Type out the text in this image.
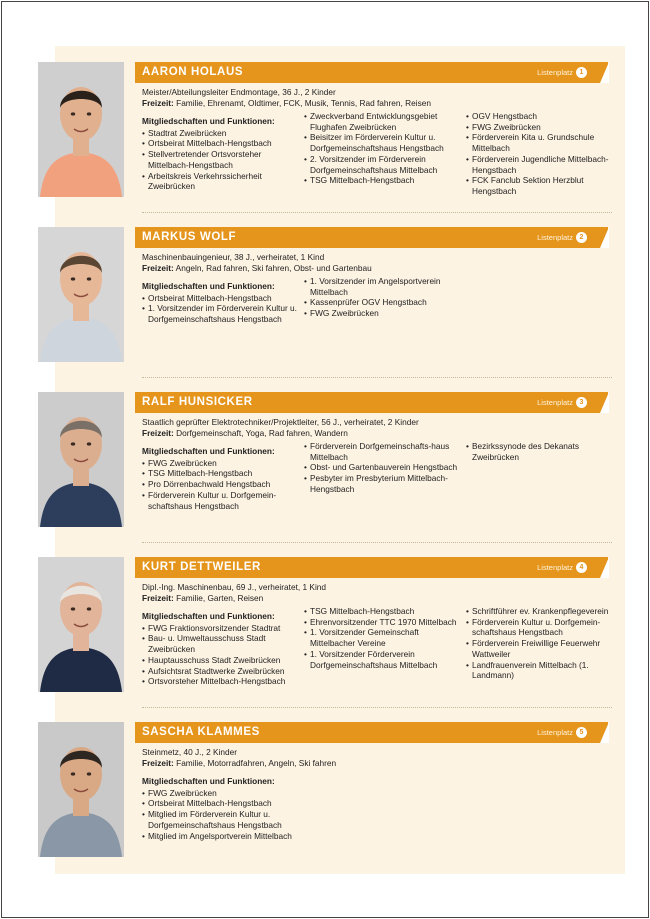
AARON HOLAUS	Listenplatz 1
Meister/Abteilungsleiter Endmontage, 36 J., 2 Kinder
Freizeit: Familie, Ehrenamt, Oldtimer, FCK, Musik, Tennis, Rad fahren, Reisen
Mitgliedschaften und Funktionen:
• Stadtrat Zweibrücken
• Ortsbeirat Mittelbach-Hengstbach
• Stellvertretender Ortsvorsteher Mittelbach-Hengstbach
• Arbeitskreis Verkehrssicherheit Zweibrücken
• Zweckverband Entwicklungsgebiet Flughafen Zweibrücken
• Beisitzer im Förderverein Kultur u. Dorfgemeinschaftshaus Hengstbach
• 2. Vorsitzender im Förderverein Dorfgemeinschaftshaus Mittelbach
• TSG Mittelbach-Hengstbach
• OGV Hengstbach
• FWG Zweibrücken
• Förderverein Kita u. Grundschule Mittelbach
• Förderverein Jugendliche Mittelbach-Hengstbach
• FCK Fanclub Sektion Herzblut Hengstbach
MARKUS WOLF	Listenplatz 2
Maschinenbauingenieur, 38 J., verheiratet, 1 Kind
Freizeit: Angeln, Rad fahren, Ski fahren, Obst- und Gartenbau
Mitgliedschaften und Funktionen:
• Ortsbeirat Mittelbach-Hengstbach
• 1. Vorsitzender im Förderverein Kultur u. Dorfgemeinschaftshaus Hengstbach
• 1. Vorsitzender im Angelsportverein Mittelbach
• Kassenprüfer OGV Hengstbach
• FWG Zweibrücken
RALF HUNSICKER	Listenplatz 3
Staatlich geprüfter Elektrotechniker/Projektleiter, 56 J., verheiratet, 2 Kinder
Freizeit: Dorfgemeinschaft, Yoga, Rad fahren, Wandern
Mitgliedschaften und Funktionen:
• FWG Zweibrücken
• TSG Mittelbach-Hengstbach
• Pro Dörrenbachwald Hengstbach
• Förderverein Kultur u. Dorfgemein-schaftshaus Hengstbach
• Förderverein Dorfgemeinschafts-haus Mittelbach
• Obst- und Gartenbauverein Hengstbach
• Pesbyter im Presbyterium Mittelbach-Hengstbach
• Bezirkssynode des Dekanats Zweibrücken
KURT DETTWEILER	Listenplatz 4
Dipl.-Ing. Maschinenbau, 69 J., verheiratet, 1 Kind
Freizeit: Familie, Garten, Reisen
Mitgliedschaften und Funktionen:
• FWG Fraktionsvorsitzender Stadtrat
• Bau- u. Umweltausschuss Stadt Zweibrücken
• Hauptausschuss Stadt Zweibrücken
• Aufsichtsrat Stadtwerke Zweibrücken
• Ortsvorsteher Mittelbach-Hengstbach
• TSG Mittelbach-Hengstbach
• Ehrenvorsitzender TTC 1970 Mittelbach
• 1. Vorsitzender Gemeinschaft Mittelbacher Vereine
• 1. Vorsitzender Förderverein Dorfgemeinschaftshaus Mittelbach
• Schriftführer ev. Krankenpflegeverein
• Förderverein Kultur u. Dorfgemein-schaftshaus Hengstbach
• Förderverein Freiwillige Feuerwehr Wattweiler
• Landfrauenverein Mittelbach (1. Landmann)
SASCHA KLAMMES	Listenplatz 5
Steinmetz, 40 J., 2 Kinder
Freizeit: Familie, Motorradfahren, Angeln, Ski fahren
Mitgliedschaften und Funktionen:
• FWG Zweibrücken
• Ortsbeirat Mittelbach-Hengstbach
• Mitglied im Förderverein Kultur u. Dorfgemeinschaftshaus Hengstbach
• Mitglied im Angelsportverein Mittelbach
